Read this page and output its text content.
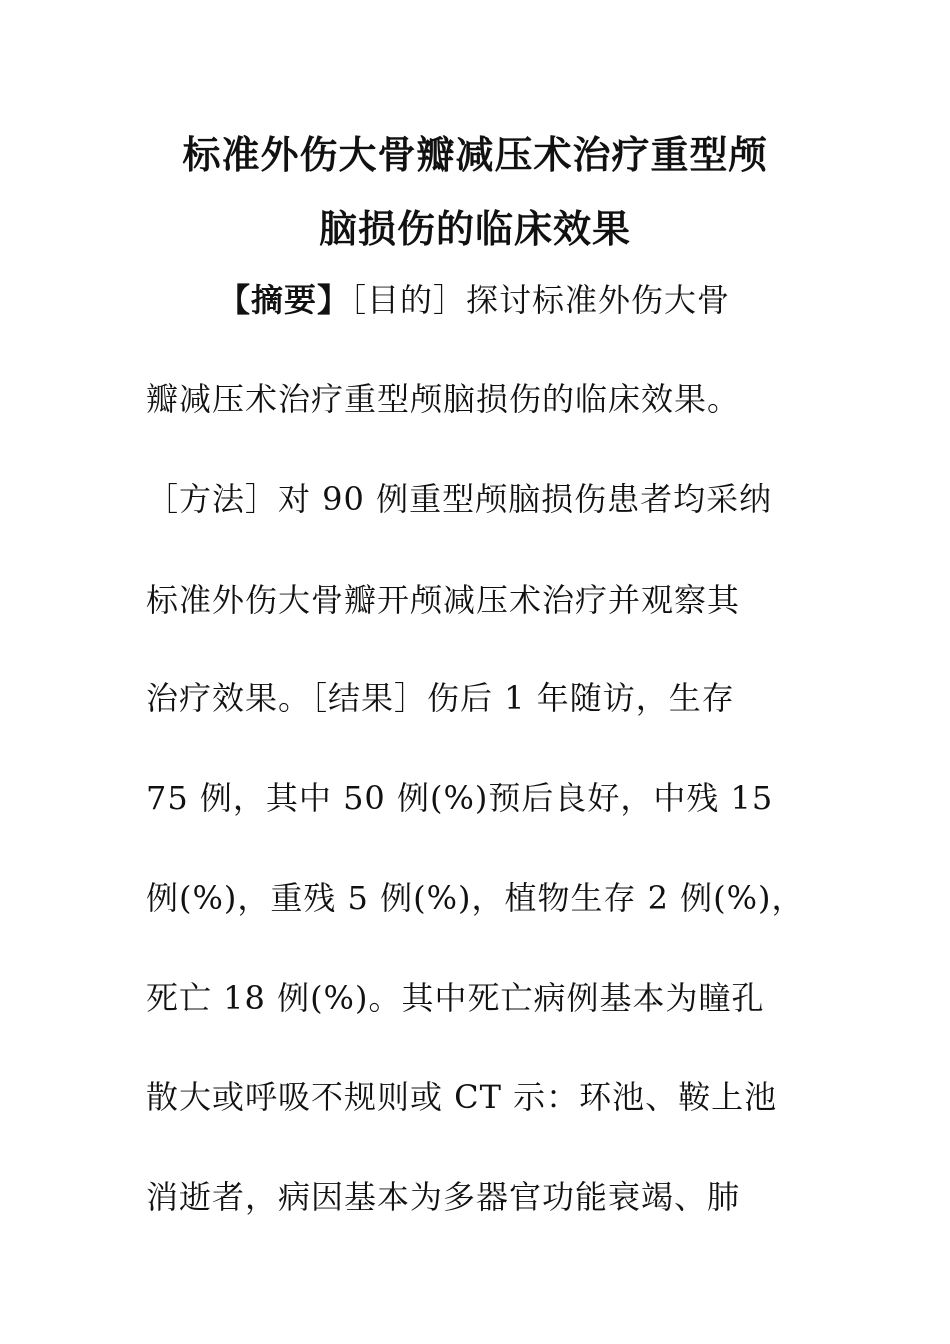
标准外伤大骨瓣减压术治疗重型颅
脑损伤的临床效果
【摘要】［目的］探讨标准外伤大骨
瓣减压术治疗重型颅脑损伤的临床效果。
［方法］对 90 例重型颅脑损伤患者均采纳
标准外伤大骨瓣开颅减压术治疗并观察其
治疗效果。［结果］伤后 1 年随访，生存
75 例，其中 50 例(%)预后良好，中残 15
例(%)，重残 5 例(%)，植物生存 2 例(%)，
死亡 18 例(%)。其中死亡病例基本为瞳孔
散大或呼吸不规则或 CT 示：环池、鞍上池
消逝者，病因基本为多器官功能衰竭、肺
